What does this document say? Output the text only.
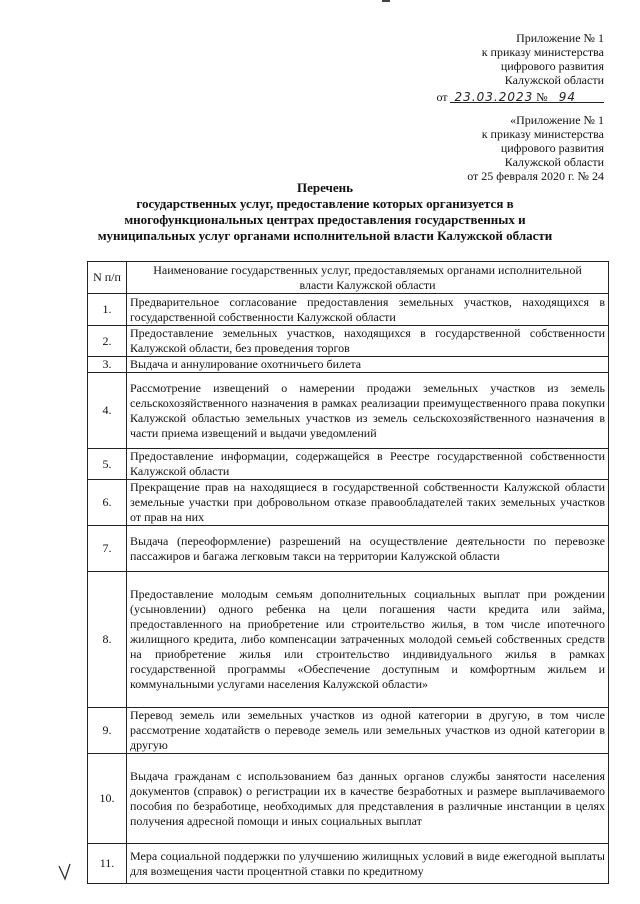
Приложение № 1
к приказу министерства
цифрового развития
Калужской области
от 23.03.2023 № 94
«Приложение № 1
к приказу министерства
цифрового развития
Калужской области
от 25 февраля 2020 г. № 24
Перечень
государственных услуг, предоставление которых организуется в
многофункциональных центрах предоставления государственных и
муниципальных услуг органами исполнительной власти Калужской области
N п/п	Наименование государственных услуг, предоставляемых органами исполнительной власти Калужской области
1.	Предварительное согласование предоставления земельных участков, находящихся в государственной собственности Калужской области
2.	Предоставление земельных участков, находящихся в государственной собственности Калужской области, без проведения торгов
3.	Выдача и аннулирование охотничьего билета
4.	Рассмотрение извещений о намерении продажи земельных участков из земель сельскохозяйственного назначения в рамках реализации преимущественного права покупки Калужской областью земельных участков из земель сельскохозяйственного назначения в части приема извещений и выдачи уведомлений
5.	Предоставление информации, содержащейся в Реестре государственной собственности Калужской области
6.	Прекращение прав на находящиеся в государственной собственности Калужской области земельные участки при добровольном отказе правообладателей таких земельных участков от прав на них
7.	Выдача (переоформление) разрешений на осуществление деятельности по перевозке пассажиров и багажа легковым такси на территории Калужской области
8.	Предоставление молодым семьям дополнительных социальных выплат при рождении (усыновлении) одного ребенка на цели погашения части кредита или займа, предоставленного на приобретение или строительство жилья, в том числе ипотечного жилищного кредита, либо компенсации затраченных молодой семьей собственных средств на приобретение жилья или строительство индивидуального жилья в рамках государственной программы «Обеспечение доступным и комфортным жильем и коммунальными услугами населения Калужской области»
9.	Перевод земель или земельных участков из одной категории в другую, в том числе рассмотрение ходатайств о переводе земель или земельных участков из одной категории в другую
10.	Выдача гражданам с использованием баз данных органов службы занятости населения документов (справок) о регистрации их в качестве безработных и размере выплачиваемого пособия по безработице, необходимых для представления в различные инстанции в целях получения адресной помощи и иных социальных выплат
11.	Мера социальной поддержки по улучшению жилищных условий в виде ежегодной выплаты для возмещения части процентной ставки по кредитному
